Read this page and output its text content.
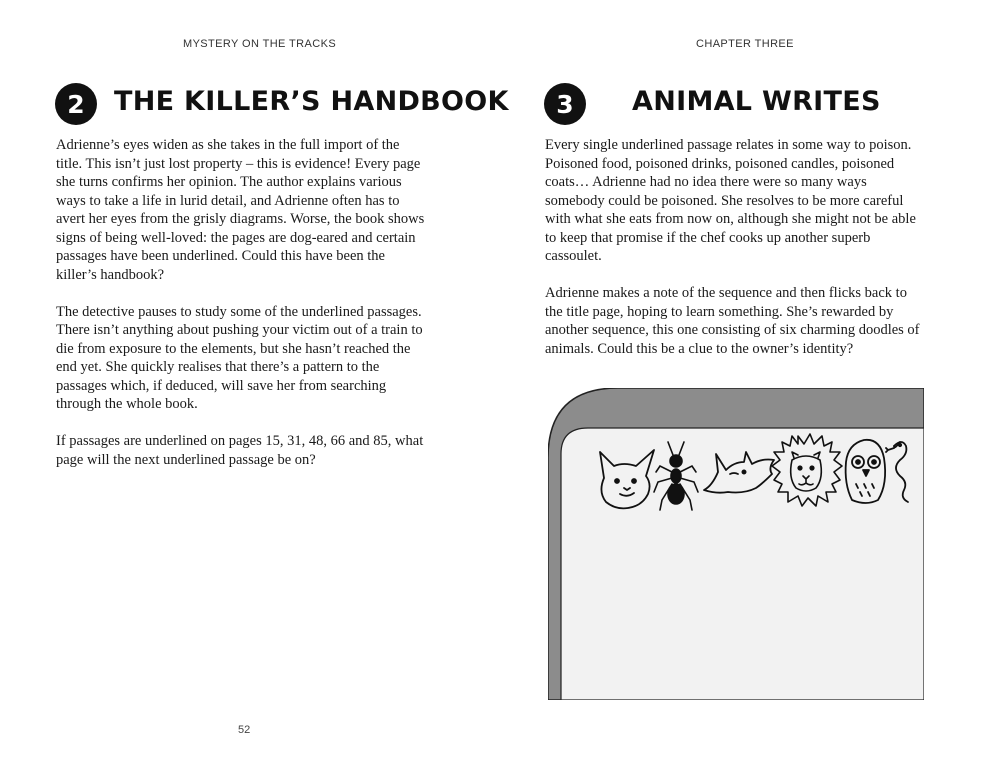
MYSTERY ON THE TRACKS
2	THE KILLER’S HANDBOOK

Adrienne’s eyes widen as she takes in the full import of the title. This isn’t just lost property – this is evidence! Every page she turns confirms her opinion. The author explains various ways to take a life in lurid detail, and Adrienne often has to avert her eyes from the grisly diagrams. Worse, the book shows signs of being well-loved: the pages are dog-eared and certain passages have been underlined. Could this have been the killer’s handbook?

The detective pauses to study some of the underlined passages. There isn’t anything about pushing your victim out of a train to die from exposure to the elements, but she hasn’t reached the end yet. She quickly realises that there’s a pattern to the passages which, if deduced, will save her from searching through the whole book.

If passages are underlined on pages 15, 31, 48, 66 and 85, what page will the next underlined passage be on?

52
CHAPTER THREE
3	ANIMAL WRITES

Every single underlined passage relates in some way to poison. Poisoned food, poisoned drinks, poisoned candles, poisoned coats… Adrienne had no idea there were so many ways somebody could be poisoned. She resolves to be more careful with what she eats from now on, although she might not be able to keep that promise if the chef cooks up another superb cassoulet.

Adrienne makes a note of the sequence and then flicks back to the title page, hoping to learn something. She’s rewarded by another sequence, this one consisting of six charming doodles of animals. Could this be a clue to the owner’s identity?
